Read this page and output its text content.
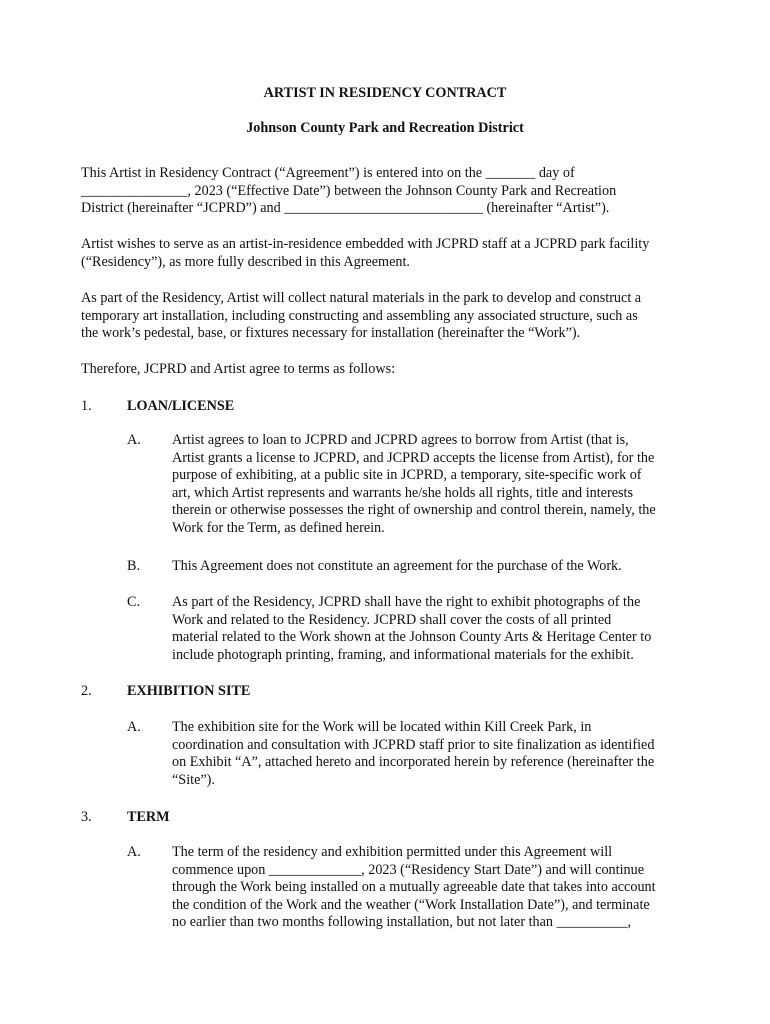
ARTIST IN RESIDENCY CONTRACT
Johnson County Park and Recreation District

This Artist in Residency Contract (“Agreement”) is entered into on the _______ day of
_______________, 2023 (“Effective Date”) between the Johnson County Park and Recreation
District (hereinafter “JCPRD”) and ____________________________ (hereinafter “Artist”).

Artist wishes to serve as an artist-in-residence embedded with JCPRD staff at a JCPRD park facility
(“Residency”), as more fully described in this Agreement.

As part of the Residency, Artist will collect natural materials in the park to develop and construct a
temporary art installation, including constructing and assembling any associated structure, such as
the work’s pedestal, base, or fixtures necessary for installation (hereinafter the “Work”).

Therefore, JCPRD and Artist agree to terms as follows:

1. LOAN/LICENSE
A. Artist agrees to loan to JCPRD and JCPRD agrees to borrow from Artist (that is,
Artist grants a license to JCPRD, and JCPRD accepts the license from Artist), for the
purpose of exhibiting, at a public site in JCPRD, a temporary, site-specific work of
art, which Artist represents and warrants he/she holds all rights, title and interests
therein or otherwise possesses the right of ownership and control therein, namely, the
Work for the Term, as defined herein.

B. This Agreement does not constitute an agreement for the purchase of the Work.

C. As part of the Residency, JCPRD shall have the right to exhibit photographs of the
Work and related to the Residency. JCPRD shall cover the costs of all printed
material related to the Work shown at the Johnson County Arts & Heritage Center to
include photograph printing, framing, and informational materials for the exhibit.

2. EXHIBITION SITE
A. The exhibition site for the Work will be located within Kill Creek Park, in
coordination and consultation with JCPRD staff prior to site finalization as identified
on Exhibit “A”, attached hereto and incorporated herein by reference (hereinafter the
“Site”).

3. TERM
A. The term of the residency and exhibition permitted under this Agreement will
commence upon _____________, 2023 (“Residency Start Date”) and will continue
through the Work being installed on a mutually agreeable date that takes into account
the condition of the Work and the weather (“Work Installation Date”), and terminate
no earlier than two months following installation, but not later than __________,
